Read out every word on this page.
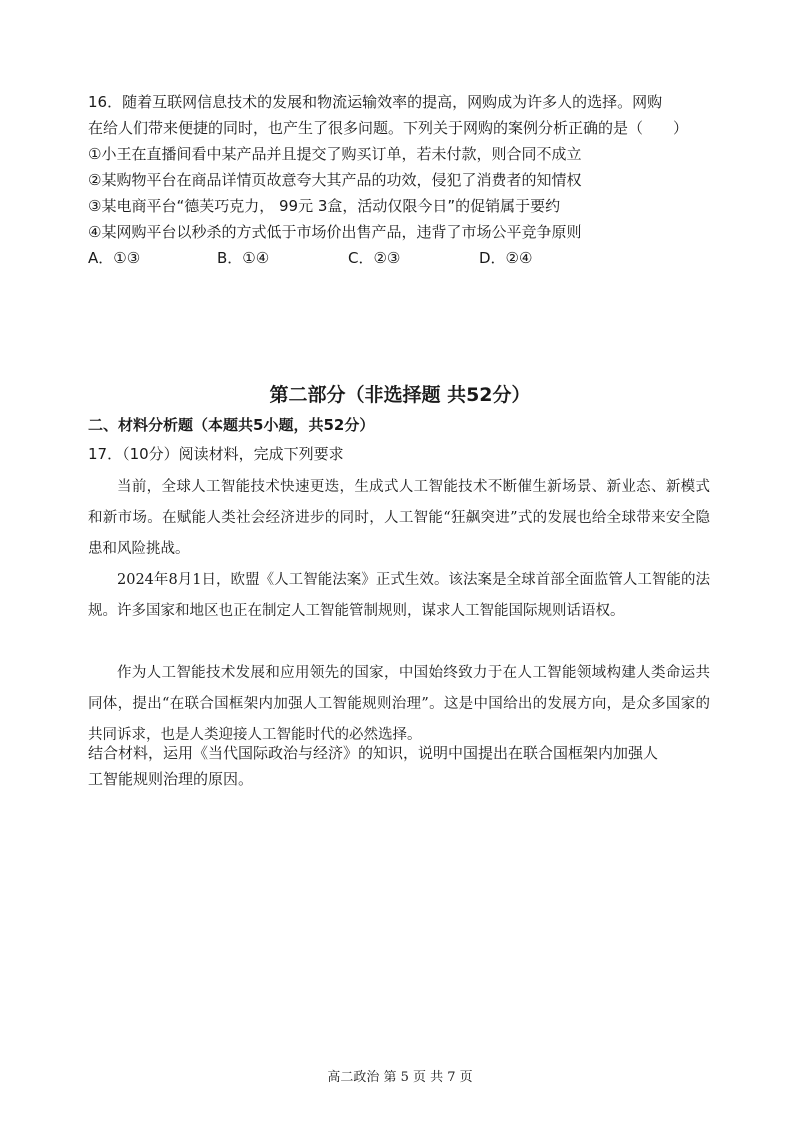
16．随着互联网信息技术的发展和物流运输效率的提高，网购成为许多人的选择。网购
在给人们带来便捷的同时，也产生了很多问题。下列关于网购的案例分析正确的是（　　）
①小王在直播间看中某产品并且提交了购买订单，若未付款，则合同不成立
②某购物平台在商品详情页故意夸大其产品的功效，侵犯了消费者的知情权
③某电商平台“德芙巧克力， 99元 3盒，活动仅限今日”的促销属于要约
④某网购平台以秒杀的方式低于市场价出售产品，违背了市场公平竞争原则
A．①③	B．①④	C．②③	D．②④
第二部分（非选择题 共52分）
二、材料分析题（本题共5小题，共52分）
17．（10分）阅读材料，完成下列要求
当前，全球人工智能技术快速更迭，生成式人工智能技术不断催生新场景、新业态、新模式和新市场。在赋能人类社会经济进步的同时，人工智能“狂飙突进”式的发展也给全球带来安全隐患和风险挑战。
2024年8月1日，欧盟《人工智能法案》正式生效。该法案是全球首部全面监管人工智能的法规。许多国家和地区也正在制定人工智能管制规则，谋求人工智能国际规则话语权。
作为人工智能技术发展和应用领先的国家，中国始终致力于在人工智能领域构建人类命运共同体，提出“在联合国框架内加强人工智能规则治理”。这是中国给出的发展方向，是众多国家的共同诉求，也是人类迎接人工智能时代的必然选择。
结合材料，运用《当代国际政治与经济》的知识，说明中国提出在联合国框架内加强人
工智能规则治理的原因。
高二政治 第 5 页 共 7 页
